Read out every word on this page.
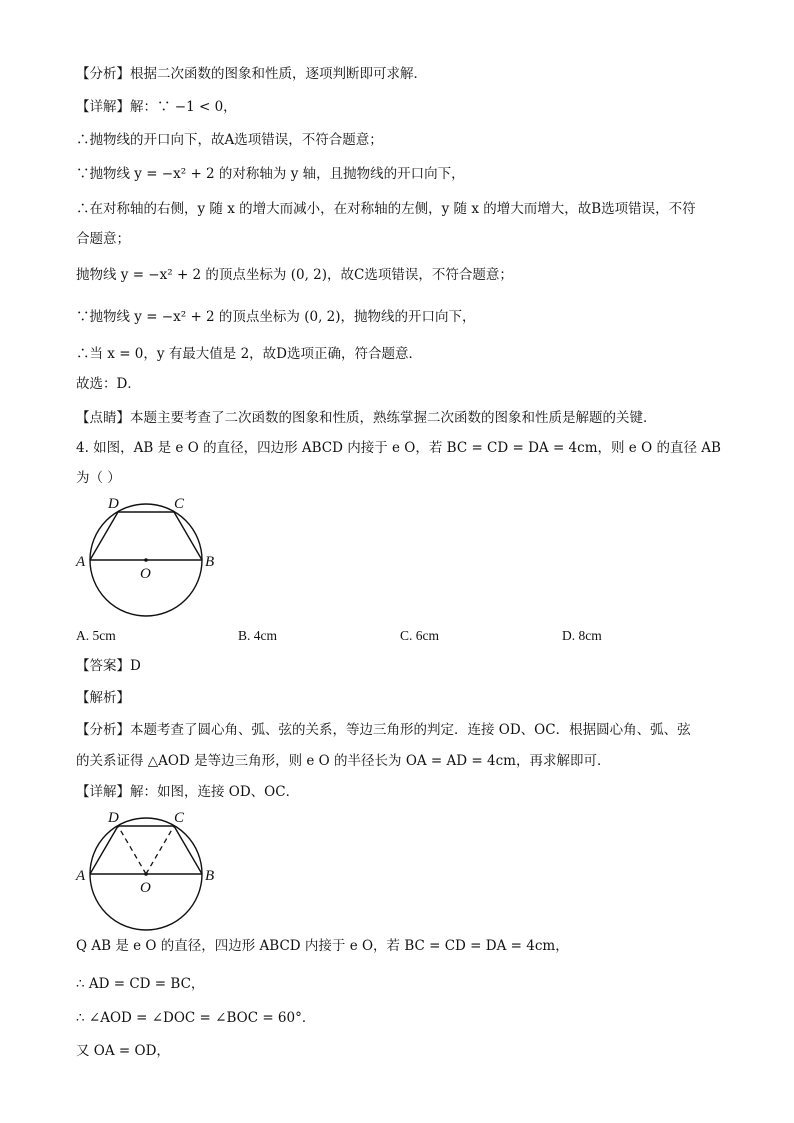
【分析】根据二次函数的图象和性质，逐项判断即可求解．
【详解】解：∵ −1 < 0，
∴抛物线的开口向下，故A选项错误，不符合题意；
∵抛物线 y = −x² + 2 的对称轴为 y 轴，且抛物线的开口向下，
∴在对称轴的右侧，y 随 x 的增大而减小，在对称轴的左侧，y 随 x 的增大而增大，故B选项错误，不符
合题意；
抛物线 y = −x² + 2 的顶点坐标为 (0, 2)，故C选项错误，不符合题意；
∵抛物线 y = −x² + 2 的顶点坐标为 (0, 2)，抛物线的开口向下，
∴当 x = 0，y 有最大值是 2，故D选项正确，符合题意．
故选：D．
【点睛】本题主要考查了二次函数的图象和性质，熟练掌握二次函数的图象和性质是解题的关键．
4. 如图，AB 是 e O 的直径，四边形 ABCD 内接于 e O，若 BC = CD = DA = 4cm，则 e O 的直径 AB
为（ ）
A	B
C
D
O
A. 5cm	B. 4cm	C. 6cm	D. 8cm
【答案】D
【解析】
【分析】本题考查了圆心角、弧、弦的关系，等边三角形的判定．连接 OD、OC．根据圆心角、弧、弦
的关系证得 △AOD 是等边三角形，则 e O 的半径长为 OA = AD = 4cm，再求解即可．
【详解】解：如图，连接 OD、OC．
A	B
C
D
O
Q AB 是 e O 的直径，四边形 ABCD 内接于 e O，若 BC = CD = DA = 4cm，
∴ AD = CD = BC，
∴ ∠AOD = ∠DOC = ∠BOC = 60°．
又 OA = OD，
